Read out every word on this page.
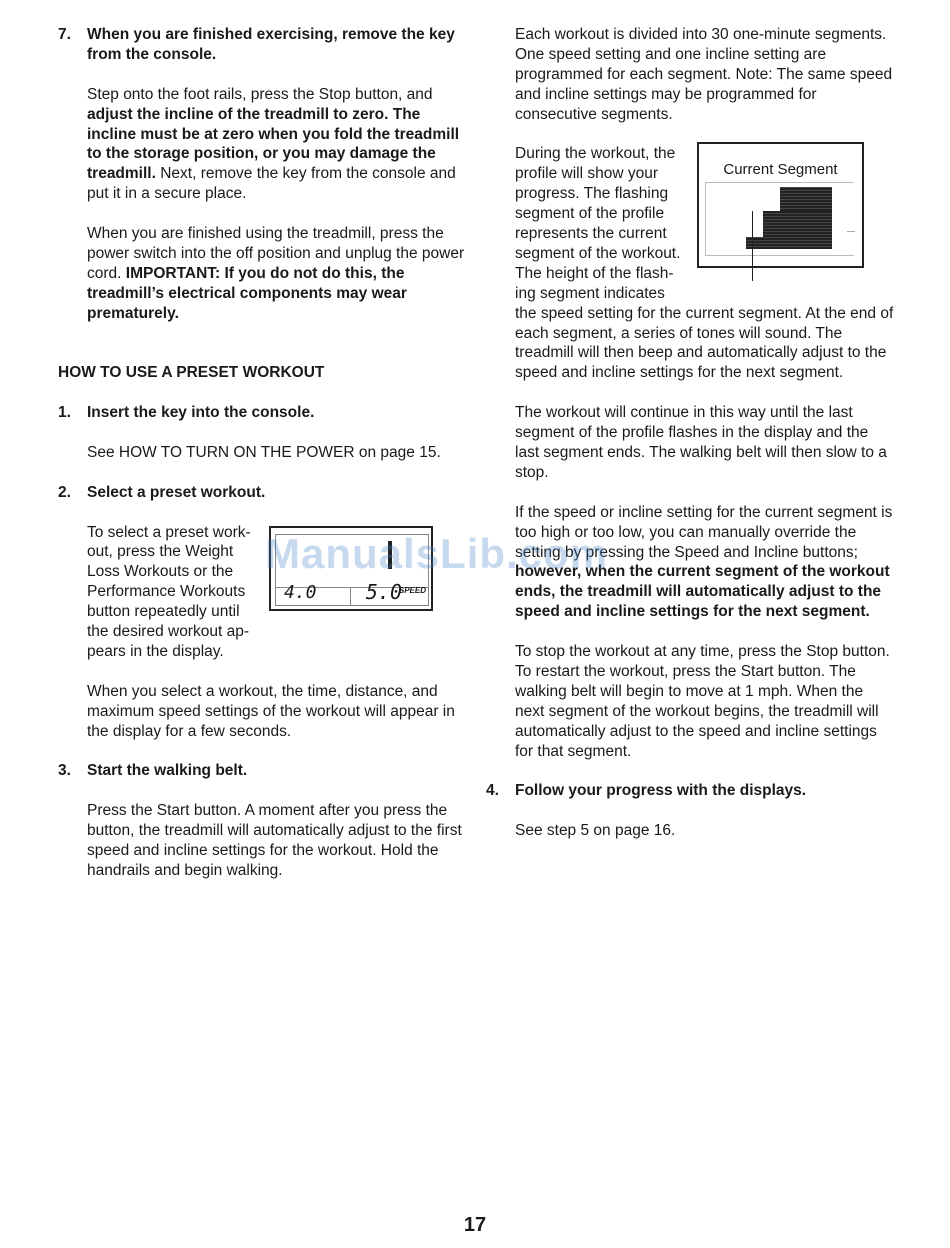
7.	When you are finished exercising, remove the key from the console.

Step onto the foot rails, press the Stop button, and adjust the incline of the treadmill to zero. The incline must be at zero when you fold the treadmill to the storage position, or you may damage the treadmill. Next, remove the key from the console and put it in a secure place.

When you are finished using the treadmill, press the power switch into the off position and unplug the power cord. IMPORTANT: If you do not do this, the treadmill’s electrical components may wear prematurely.

HOW TO USE A PRESET WORKOUT
1.	Insert the key into the console.

See HOW TO TURN ON THE POWER on page 15.

2.	Select a preset workout.
To select a preset work-
out, press the Weight
Loss Workouts or the
Performance Workouts
button repeatedly until
the desired workout ap-
pears in the display.
4.0 5.0
SPEED

When you select a workout, the time, distance, and maximum speed settings of the workout will appear in the display for a few seconds.

3.	Start the walking belt.

Press the Start button. A moment after you press the button, the treadmill will automatically adjust to the first speed and incline settings for the workout. Hold the handrails and begin walking.

Each workout is divided into 30 one-minute segments. One speed setting and one incline setting are programmed for each segment. Note: The same speed and incline settings may be programmed for consecutive segments.

During the workout, the
profile will show your
progress. The flashing
segment of the profile
represents the current
segment of the workout.
The height of the flash-
ing segment indicates
Current Segment

the speed setting for the current segment. At the end of each segment, a series of tones will sound. The treadmill will then beep and automatically adjust to the speed and incline settings for the next segment.

The workout will continue in this way until the last segment of the profile flashes in the display and the last segment ends. The walking belt will then slow to a stop.

If the speed or incline setting for the current segment is too high or too low, you can manually override the setting by pressing the Speed and Incline buttons; however, when the current segment of the workout ends, the treadmill will automatically adjust to the speed and incline settings for the next segment.

To stop the workout at any time, press the Stop button. To restart the workout, press the Start button. The walking belt will begin to move at 1 mph. When the next segment of the workout begins, the treadmill will automatically adjust to the speed and incline settings for that segment.

4.	Follow your progress with the displays.

See step 5 on page 16.

ManualsLib.com
17
